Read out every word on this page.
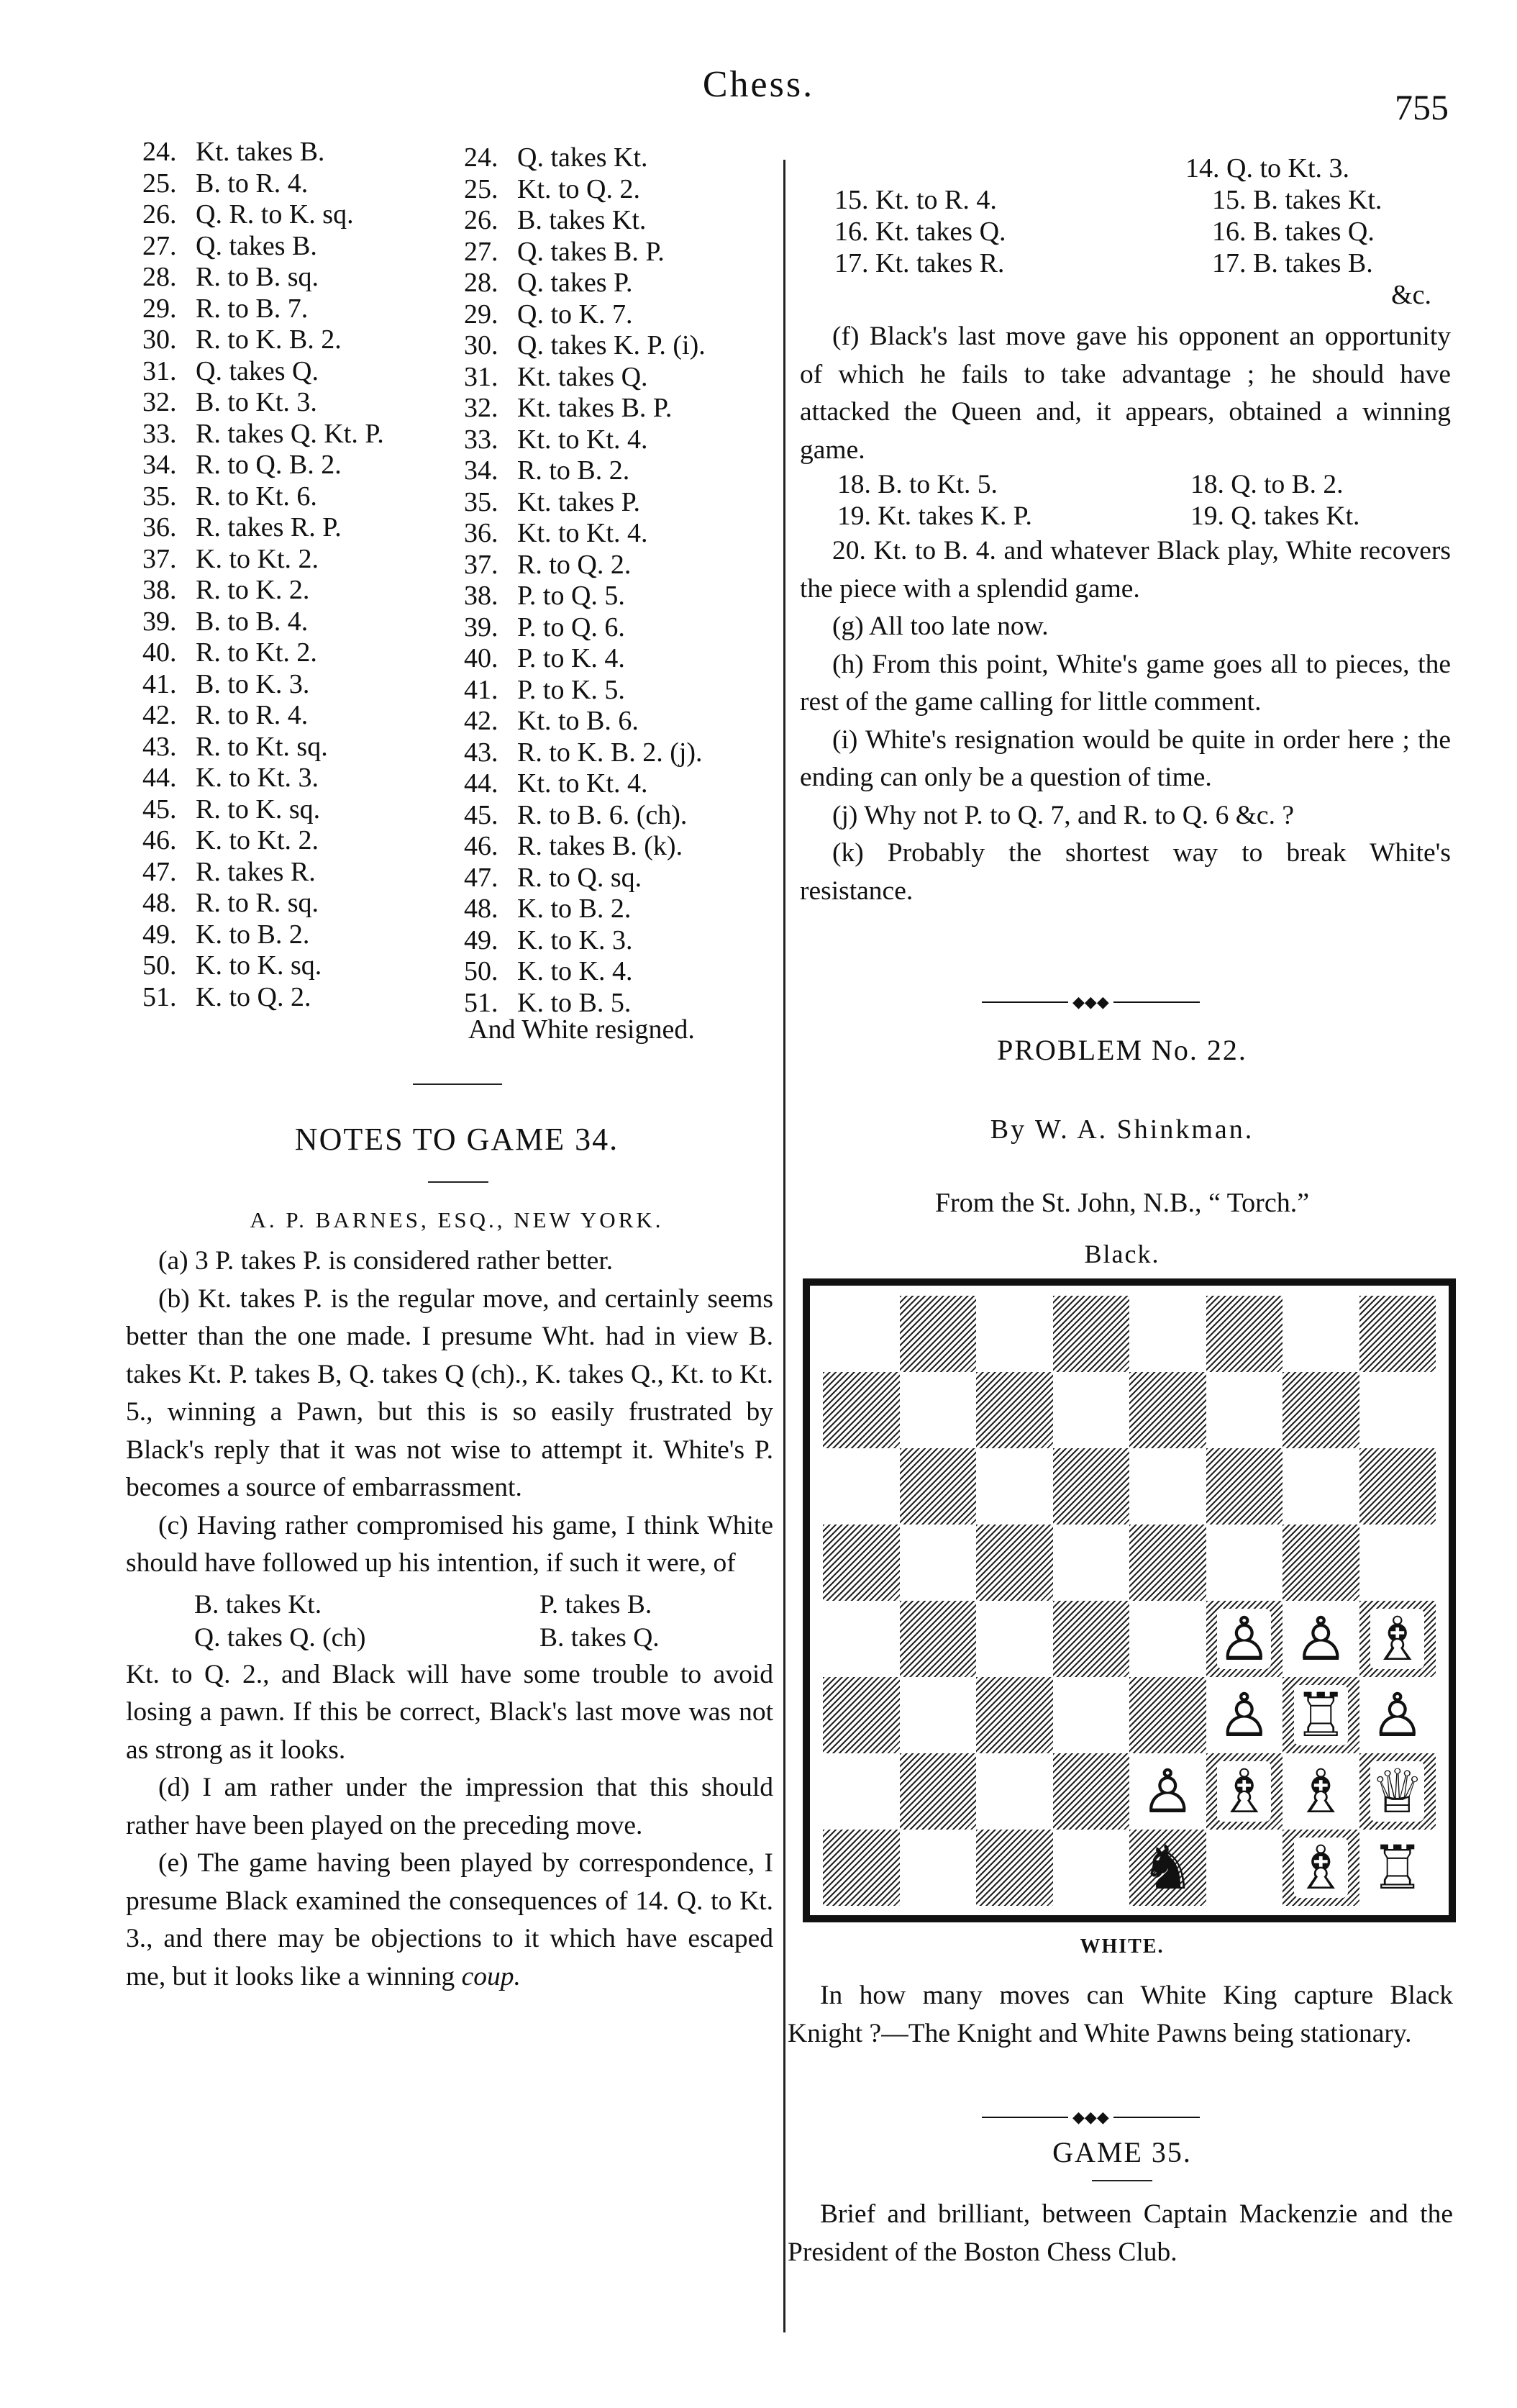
Chess.
755
24. Kt. takes B.
25. B. to R. 4.
26. Q. R. to K. sq.
27. Q. takes B.
28. R. to B. sq.
29. R. to B. 7.
30. R. to K. B. 2.
31. Q. takes Q.
32. B. to Kt. 3.
33. R. takes Q. Kt. P.
34. R. to Q. B. 2.
35. R. to Kt. 6.
36. R. takes R. P.
37. K. to Kt. 2.
38. R. to K. 2.
39. B. to B. 4.
40. R. to Kt. 2.
41. B. to K. 3.
42. R. to R. 4.
43. R. to Kt. sq.
44. K. to Kt. 3.
45. R. to K. sq.
46. K. to Kt. 2.
47. R. takes R.
48. R. to R. sq.
49. K. to B. 2.
50. K. to K. sq.
51. K. to Q. 2.
24. Q. takes Kt.
25. Kt. to Q. 2.
26. B. takes Kt.
27. Q. takes B. P.
28. Q. takes P.
29. Q. to K. 7.
30. Q. takes K. P. (i).
31. Kt. takes Q.
32. Kt. takes B. P.
33. Kt. to Kt. 4.
34. R. to B. 2.
35. Kt. takes P.
36. Kt. to Kt. 4.
37. R. to Q. 2.
38. P. to Q. 5.
39. P. to Q. 6.
40. P. to K. 4.
41. P. to K. 5.
42. Kt. to B. 6.
43. R. to K. B. 2. (j).
44. Kt. to Kt. 4.
45. R. to B. 6. (ch).
46. R. takes B. (k).
47. R. to Q. sq.
48. K. to B. 2.
49. K. to K. 3.
50. K. to K. 4.
51. K. to B. 5.
And White resigned.
NOTES TO GAME 34.
A. P. BARNES, ESQ., NEW YORK.

(a) 3 P. takes P. is considered rather better.

(b) Kt. takes P. is the regular move, and certainly seems better than the one made. I presume Wht. had in view B. takes Kt. P. takes B, Q. takes Q (ch)., K. takes Q., Kt. to Kt. 5., winning a Pawn, but this is so easily frustrated by Black's reply that it was not wise to attempt it. White's P. becomes a source of embarrassment.

(c) Having rather compromised his game, I think White should have followed up his intention, if such it were, of

B. takes Kt.	P. takes B.
Q. takes Q. (ch)	B. takes Q.

Kt. to Q. 2., and Black will have some trouble to avoid losing a pawn. If this be correct, Black's last move was not as strong as it looks.

(d) I am rather under the impression that this should rather have been played on the preceding move.

(e) The game having been played by correspondence, I presume Black examined the consequences of 14. Q. to Kt. 3., and there may be objections to it which have escaped me, but it looks like a winning coup.

14. Q. to Kt. 3.
15. Kt. to R. 4.	15. B. takes Kt.
16. Kt. takes Q.	16. B. takes Q.
17. Kt. takes R.	17. B. takes B.
&c.

(f) Black's last move gave his opponent an opportunity of which he fails to take advantage ; he should have attacked the Queen and, it appears, obtained a winning game.

18. B. to Kt. 5.	18. Q. to B. 2.
19. Kt. takes K. P.	19. Q. takes Kt.

20. Kt. to B. 4. and whatever Black play, White recovers the piece with a splendid game.

(g) All too late now.

(h) From this point, White's game goes all to pieces, the rest of the game calling for little comment.

(i) White's resignation would be quite in order here ; the ending can only be a question of time.

(j) Why not P. to Q. 7, and R. to Q. 6 &c. ?

(k) Probably the shortest way to break White's resistance.

◆◆◆
PROBLEM No. 22.
By W. A. Shinkman.
From the St. John, N.B., “ Torch.”
Black.
♙ ♙ ♗
♙ ♖ ♙
♙ ♗ ♗ ♕
♞ ♗ ♖
WHITE.

In how many moves can White King capture Black Knight ?—The Knight and White Pawns being stationary.

◆◆◆
GAME 35.

Brief and brilliant, between Captain Mackenzie and the President of the Boston Chess Club.
